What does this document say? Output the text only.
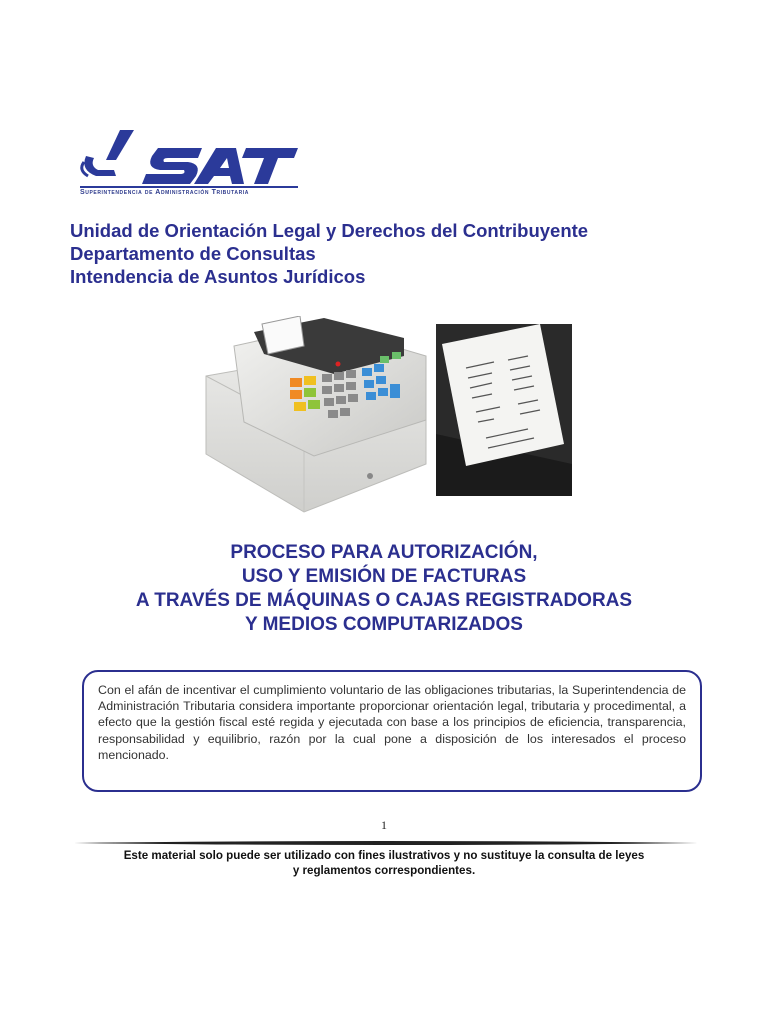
Superintendencia de Administración Tributaria
Unidad de Orientación Legal y Derechos del Contribuyente
Departamento de Consultas
Intendencia de Asuntos Jurídicos
PROCESO PARA AUTORIZACIÓN,
USO Y EMISIÓN DE FACTURAS
A TRAVÉS DE MÁQUINAS O CAJAS REGISTRADORAS
Y MEDIOS COMPUTARIZADOS

Con el afán de incentivar el cumplimiento voluntario de las obligaciones tributarias, la Superintendencia de Administración Tributaria considera importante proporcionar orientación legal, tributaria y procedimental, a efecto que la gestión fiscal esté regida y ejecutada con base a los principios de eficiencia, transparencia, responsabilidad y equilibrio, razón por la cual pone a disposición de los interesados el proceso mencionado.

1
Este material solo puede ser utilizado con fines ilustrativos y no sustituye la consulta de leyes
y reglamentos correspondientes.
